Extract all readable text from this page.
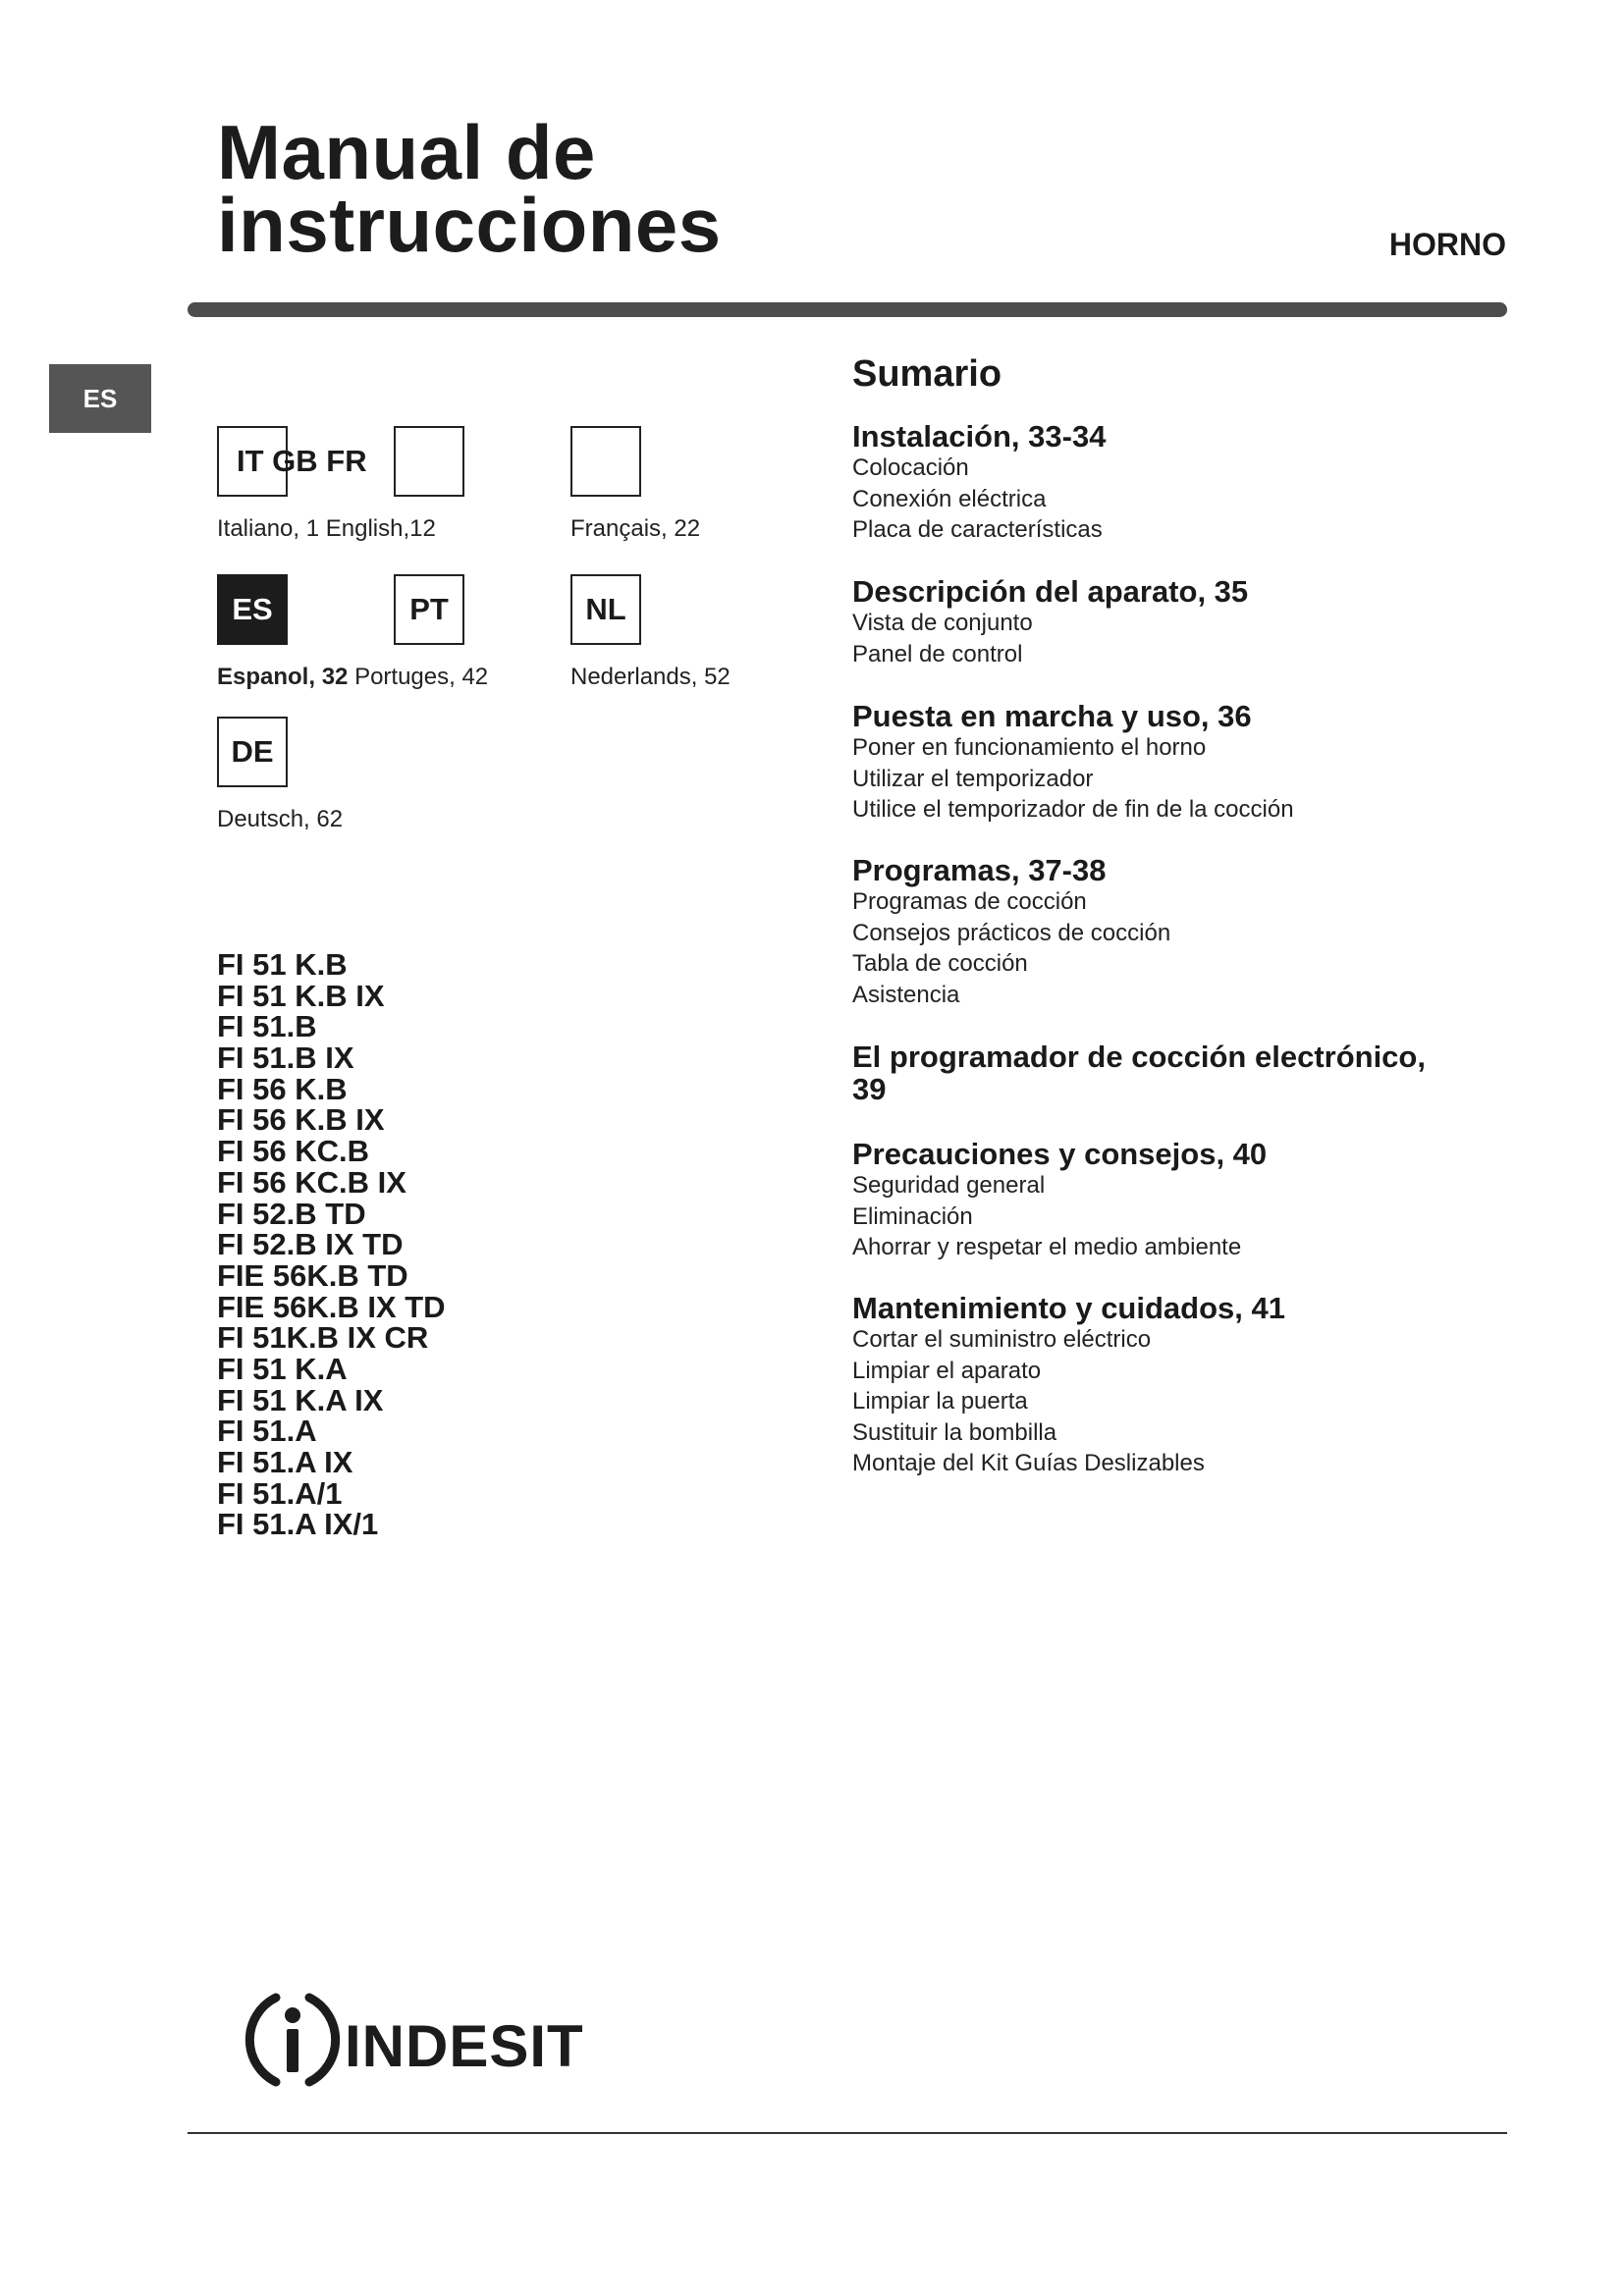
Manual de
instrucciones	HORNO
ES
IT GB FR
Italiano, 1 English,12	Français, 22
ES	PT	NL
Espanol, 32 Portuges, 42	Nederlands, 52
DE
Deutsch, 62
FI 51 K.B
FI 51 K.B IX
FI 51.B
FI 51.B IX
FI 56 K.B
FI 56 K.B IX
FI 56 KC.B
FI 56 KC.B IX
FI 52.B TD
FI 52.B IX TD
FIE 56K.B TD
FIE 56K.B IX TD
FI 51K.B IX CR
FI 51 K.A
FI 51 K.A IX
FI 51.A
FI 51.A IX
FI 51.A/1
FI 51.A IX/1
Sumario
Instalación, 33-34
Colocación
Conexión eléctrica
Placa de características
Descripción del aparato, 35
Vista de conjunto
Panel de control
Puesta en marcha y uso, 36
Poner en funcionamiento el horno
Utilizar el temporizador
Utilice el temporizador de fin de la cocción
Programas, 37-38
Programas de cocción
Consejos prácticos de cocción
Tabla de cocción
Asistencia
El programador de cocción electrónico, 39
Precauciones y consejos, 40
Seguridad general
Eliminación
Ahorrar y respetar el medio ambiente
Mantenimiento y cuidados, 41
Cortar el suministro eléctrico
Limpiar el aparato
Limpiar la puerta
Sustituir la bombilla
Montaje del Kit Guías Deslizables
INDESIT
